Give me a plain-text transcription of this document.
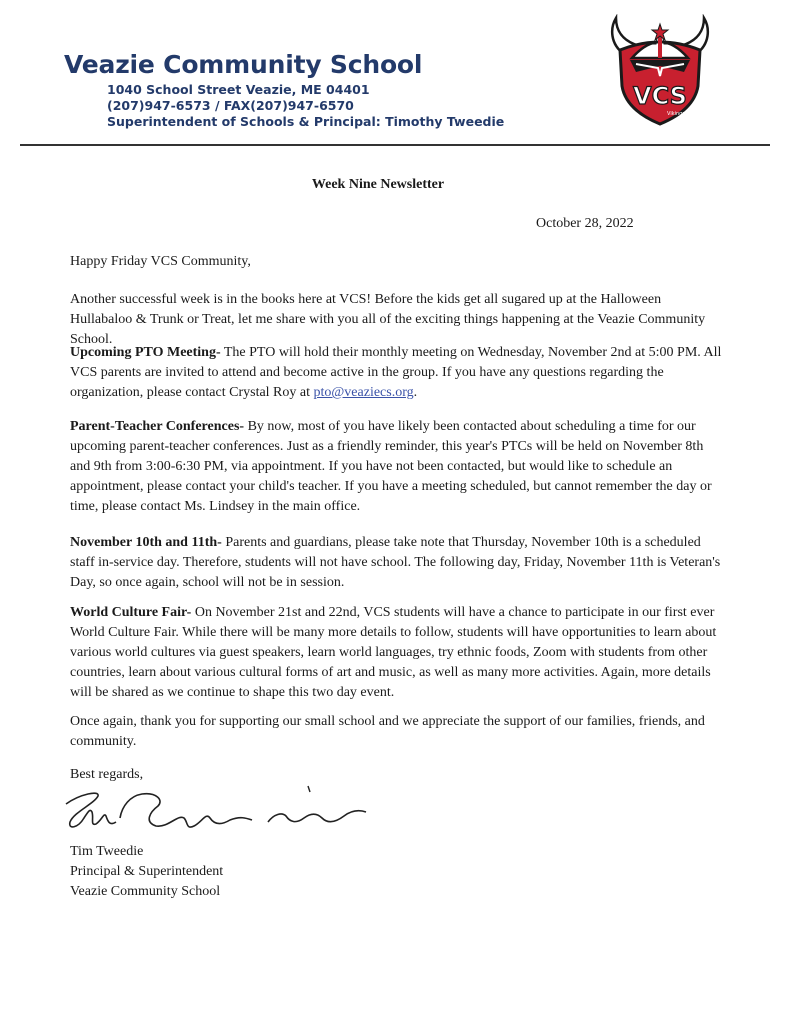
Veazie Community School
1040 School Street Veazie, ME 04401
(207)947-6573 / FAX(207)947-6570
Superintendent of Schools & Principal: Timothy Tweedie
VCS
Vikings
Week Nine Newsletter
October 28, 2022

Happy Friday VCS Community,

Another successful week is in the books here at VCS! Before the kids get all sugared up at the Halloween Hullabaloo & Trunk or Treat, let me share with you all of the exciting things happening at the Veazie Community School.

Upcoming PTO Meeting- The PTO will hold their monthly meeting on Wednesday, November 2nd at 5:00 PM. All VCS parents are invited to attend and become active in the group. If you have any questions regarding the organization, please contact Crystal Roy at pto@veaziecs.org.

Parent-Teacher Conferences- By now, most of you have likely been contacted about scheduling a time for our upcoming parent-teacher conferences. Just as a friendly reminder, this year's PTCs will be held on November 8th and 9th from 3:00-6:30 PM, via appointment. If you have not been contacted, but would like to schedule an appointment, please contact your child's teacher. If you have a meeting scheduled, but cannot remember the day or time, please contact Ms. Lindsey in the main office.

November 10th and 11th- Parents and guardians, please take note that Thursday, November 10th is a scheduled staff in-service day. Therefore, students will not have school. The following day, Friday, November 11th is Veteran's Day, so once again, school will not be in session.

World Culture Fair- On November 21st and 22nd, VCS students will have a chance to participate in our first ever World Culture Fair. While there will be many more details to follow, students will have opportunities to learn about various world cultures via guest speakers, learn world languages, try ethnic foods, Zoom with students from other countries, learn about various cultural forms of art and music, as well as many more activities. Again, more details will be shared as we continue to shape this two day event.

Once again, thank you for supporting our small school and we appreciate the support of our families, friends, and community.

Best regards,

Tim Tweedie
Principal & Superintendent
Veazie Community School
